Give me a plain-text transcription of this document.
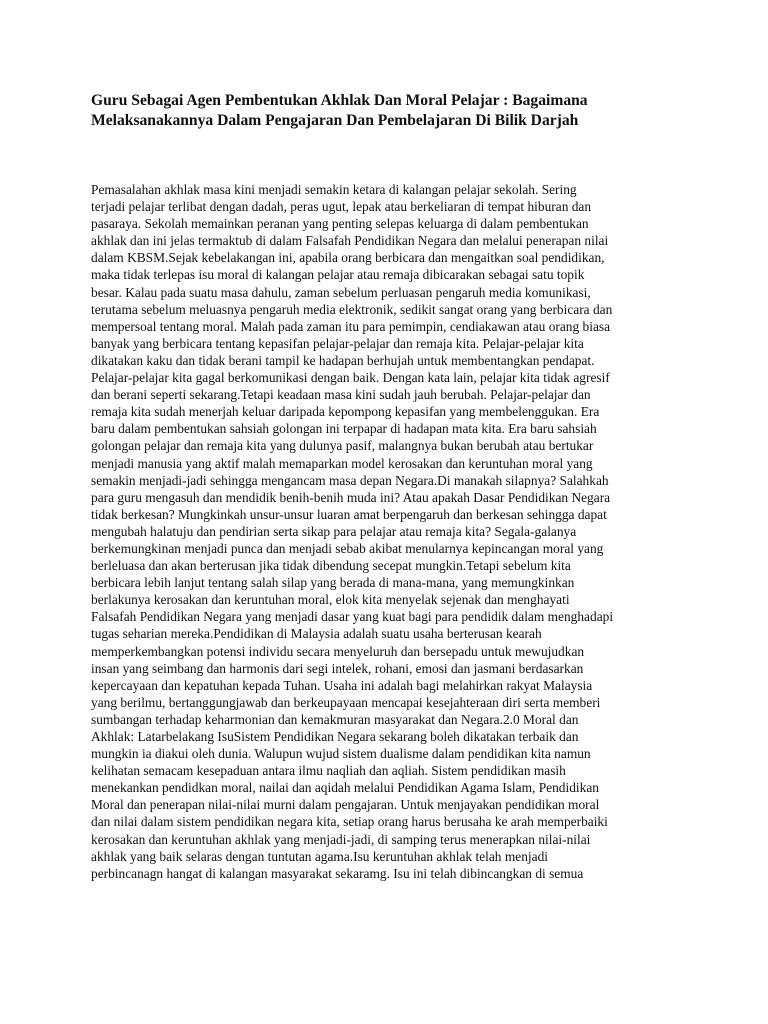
Guru Sebagai Agen Pembentukan Akhlak Dan Moral Pelajar : Bagaimana
Melaksanakannya Dalam Pengajaran Dan Pembelajaran Di Bilik Darjah
Pemasalahan akhlak masa kini menjadi semakin ketara di kalangan pelajar sekolah. Sering
terjadi pelajar terlibat dengan dadah, peras ugut, lepak atau berkeliaran di tempat hiburan dan
pasaraya. Sekolah memainkan peranan yang penting selepas keluarga di dalam pembentukan
akhlak dan ini jelas termaktub di dalam Falsafah Pendidikan Negara dan melalui penerapan nilai
dalam KBSM.Sejak kebelakangan ini, apabila orang berbicara dan mengaitkan soal pendidikan,
maka tidak terlepas isu moral di kalangan pelajar atau remaja dibicarakan sebagai satu topik
besar. Kalau pada suatu masa dahulu, zaman sebelum perluasan pengaruh media komunikasi,
terutama sebelum meluasnya pengaruh media elektronik, sedikit sangat orang yang berbicara dan
mempersoal tentang moral. Malah pada zaman itu para pemimpin, cendiakawan atau orang biasa
banyak yang berbicara tentang kepasifan pelajar-pelajar dan remaja kita. Pelajar-pelajar kita
dikatakan kaku dan tidak berani tampil ke hadapan berhujah untuk membentangkan pendapat.
Pelajar-pelajar kita gagal berkomunikasi dengan baik. Dengan kata lain, pelajar kita tidak agresif
dan berani seperti sekarang.Tetapi keadaan masa kini sudah jauh berubah. Pelajar-pelajar dan
remaja kita sudah menerjah keluar daripada kepompong kepasifan yang membelenggukan. Era
baru dalam pembentukan sahsiah golongan ini terpapar di hadapan mata kita. Era baru sahsiah
golongan pelajar dan remaja kita yang dulunya pasif, malangnya bukan berubah atau bertukar
menjadi manusia yang aktif malah memaparkan model kerosakan dan keruntuhan moral yang
semakin menjadi-jadi sehingga mengancam masa depan Negara.Di manakah silapnya? Salahkah
para guru mengasuh dan mendidik benih-benih muda ini? Atau apakah Dasar Pendidikan Negara
tidak berkesan? Mungkinkah unsur-unsur luaran amat berpengaruh dan berkesan sehingga dapat
mengubah halatuju dan pendirian serta sikap para pelajar atau remaja kita? Segala-galanya
berkemungkinan menjadi punca dan menjadi sebab akibat menularnya kepincangan moral yang
berleluasa dan akan berterusan jika tidak dibendung secepat mungkin.Tetapi sebelum kita
berbicara lebih lanjut tentang salah silap yang berada di mana-mana, yang memungkinkan
berlakunya kerosakan dan keruntuhan moral, elok kita menyelak sejenak dan menghayati
Falsafah Pendidikan Negara yang menjadi dasar yang kuat bagi para pendidik dalam menghadapi
tugas seharian mereka.Pendidikan di Malaysia adalah suatu usaha berterusan kearah
memperkembangkan potensi individu secara menyeluruh dan bersepadu untuk mewujudkan
insan yang seimbang dan harmonis dari segi intelek, rohani, emosi dan jasmani berdasarkan
kepercayaan dan kepatuhan kepada Tuhan. Usaha ini adalah bagi melahirkan rakyat Malaysia
yang berilmu, bertanggungjawab dan berkeupayaan mencapai kesejahteraan diri serta memberi
sumbangan terhadap keharmonian dan kemakmuran masyarakat dan Negara.2.0 Moral dan
Akhlak: Latarbelakang IsuSistem Pendidikan Negara sekarang boleh dikatakan terbaik dan
mungkin ia diakui oleh dunia. Walupun wujud sistem dualisme dalam pendidikan kita namun
kelihatan semacam kesepaduan antara ilmu naqliah dan aqliah. Sistem pendidikan masih
menekankan pendidkan moral, nailai dan aqidah melalui Pendidikan Agama Islam, Pendidikan
Moral dan penerapan nilai-nilai murni dalam pengajaran. Untuk menjayakan pendidikan moral
dan nilai dalam sistem pendidikan negara kita, setiap orang harus berusaha ke arah memperbaiki
kerosakan dan keruntuhan akhlak yang menjadi-jadi, di samping terus menerapkan nilai-nilai
akhlak yang baik selaras dengan tuntutan agama.Isu keruntuhan akhlak telah menjadi
perbincanagn hangat di kalangan masyarakat sekaramg. Isu ini telah dibincangkan di semua
